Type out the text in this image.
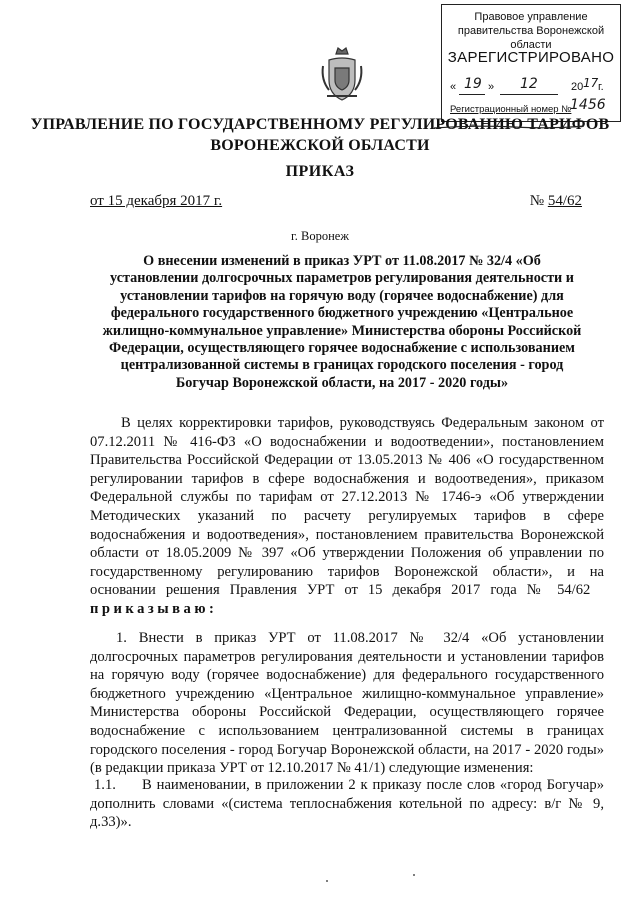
Правовое управление правительства Воронежской области
ЗАРЕГИСТРИРОВАНО
« 19 » 12	20 17 г.
Регистрационный номер №
1456
УПРАВЛЕНИЕ ПО ГОСУДАРСТВЕННОМУ РЕГУЛИРОВАНИЮ ТАРИФОВ ВОРОНЕЖСКОЙ ОБЛАСТИ
ПРИКАЗ
от 15 декабря 2017 г.	№ 54/62
г. Воронеж
О внесении изменений в приказ УРТ от 11.08.2017 № 32/4 «Об установлении долгосрочных параметров регулирования деятельности и установлении тарифов на горячую воду (горячее водоснабжение) для федерального государственного бюджетного учреждению «Центральное жилищно-коммунальное управление» Министерства обороны Российской Федерации, осуществляющего горячее водоснабжение с использованием централизованной системы в границах городского поселения - город Богучар Воронежской области, на 2017 - 2020 годы»
В целях корректировки тарифов, руководствуясь Федеральным законом от 07.12.2011 № 416-ФЗ «О водоснабжении и водоотведении», постановлением Правительства Российской Федерации от 13.05.2013 № 406 «О государственном регулировании тарифов в сфере водоснабжения и водоотведения», приказом Федеральной службы по тарифам от 27.12.2013 № 1746-э «Об утверждении Методических указаний по расчету регулируемых тарифов в сфере водоснабжения и водоотведения», постановлением правительства Воронежской области от 18.05.2009 № 397 «Об утверждении Положения об управлении по государственному регулированию тарифов Воронежской области», и на основании решения Правления УРТ от 15 декабря 2017 года № 54/62   приказываю:
1. Внести в приказ УРТ от 11.08.2017 № 32/4 «Об установлении долгосрочных параметров регулирования деятельности и установлении тарифов на горячую воду (горячее водоснабжение) для федерального государственного бюджетного учреждению «Центральное жилищно-коммунальное управление» Министерства обороны Российской Федерации, осуществляющего горячее водоснабжение с использованием централизованной системы в границах городского поселения - город Богучар Воронежской области, на 2017 - 2020 годы» (в редакции приказа УРТ от 12.10.2017 № 41/1) следующие изменения:
1.1. В наименовании, в приложении 2 к приказу после слов «город Богучар» дополнить словами «(система теплоснабжения котельной по адресу: в/г № 9, д.33)».
